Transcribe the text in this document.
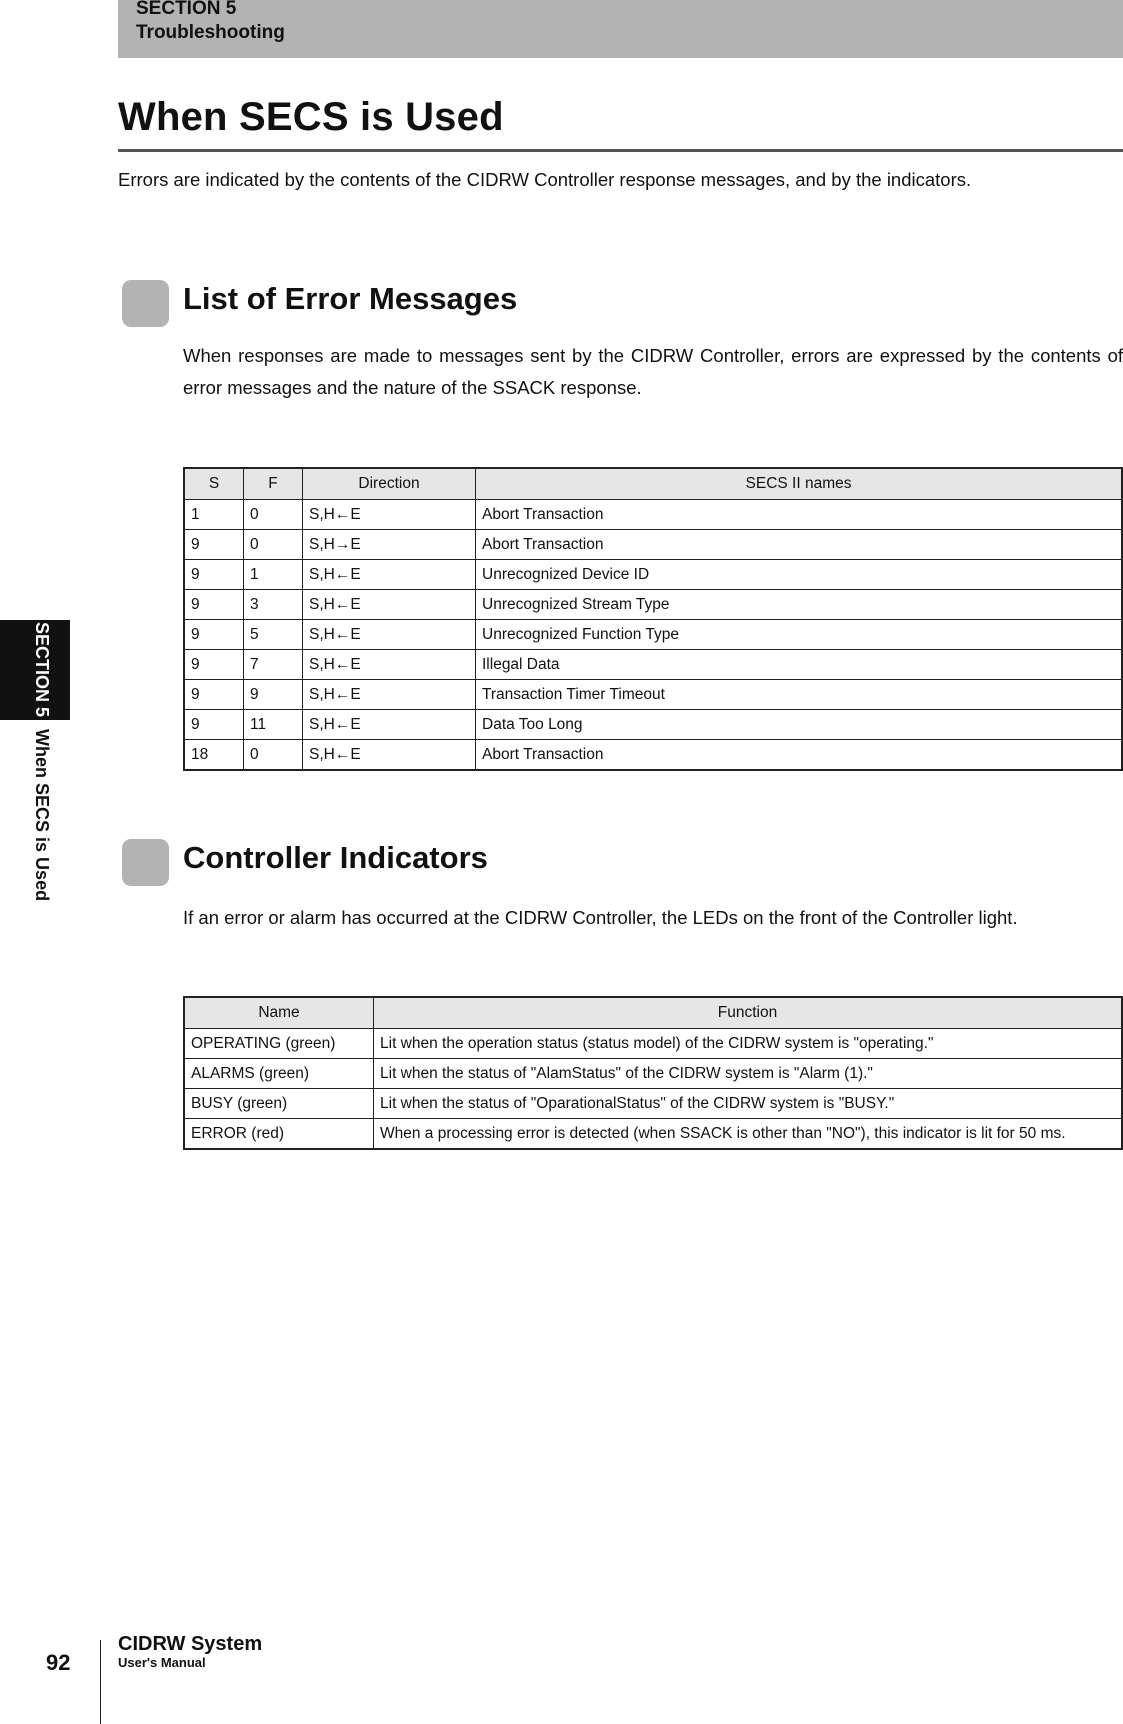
SECTION 5
Troubleshooting
When SECS is Used
Errors are indicated by the contents of the CIDRW Controller response messages, and by the indicators.
SECTION 5When SECS is Used
List of Error Messages
When responses are made to messages sent by the CIDRW Controller, errors are expressed by the contents of error messages and the nature of the SSACK response.
S	F	Direction	SECS II names
1	0	S,H←E	Abort Transaction
9	0	S,H→E	Abort Transaction
9	1	S,H←E	Unrecognized Device ID
9	3	S,H←E	Unrecognized Stream Type
9	5	S,H←E	Unrecognized Function Type
9	7	S,H←E	Illegal Data
9	9	S,H←E	Transaction Timer Timeout
9	11	S,H←E	Data Too Long
18	0	S,H←E	Abort Transaction
Controller Indicators
If an error or alarm has occurred at the CIDRW Controller, the LEDs on the front of the Controller light.
Name	Function
OPERATING (green)	Lit when the operation status (status model) of the CIDRW system is "operating."
ALARMS (green)	Lit when the status of "AlamStatus" of the CIDRW system is "Alarm (1)."
BUSY (green)	Lit when the status of "OparationalStatus" of the CIDRW system is "BUSY."
ERROR (red)	When a processing error is detected (when SSACK is other than "NO"), this indicator is lit for 50 ms.
92
CIDRW System
User's Manual
